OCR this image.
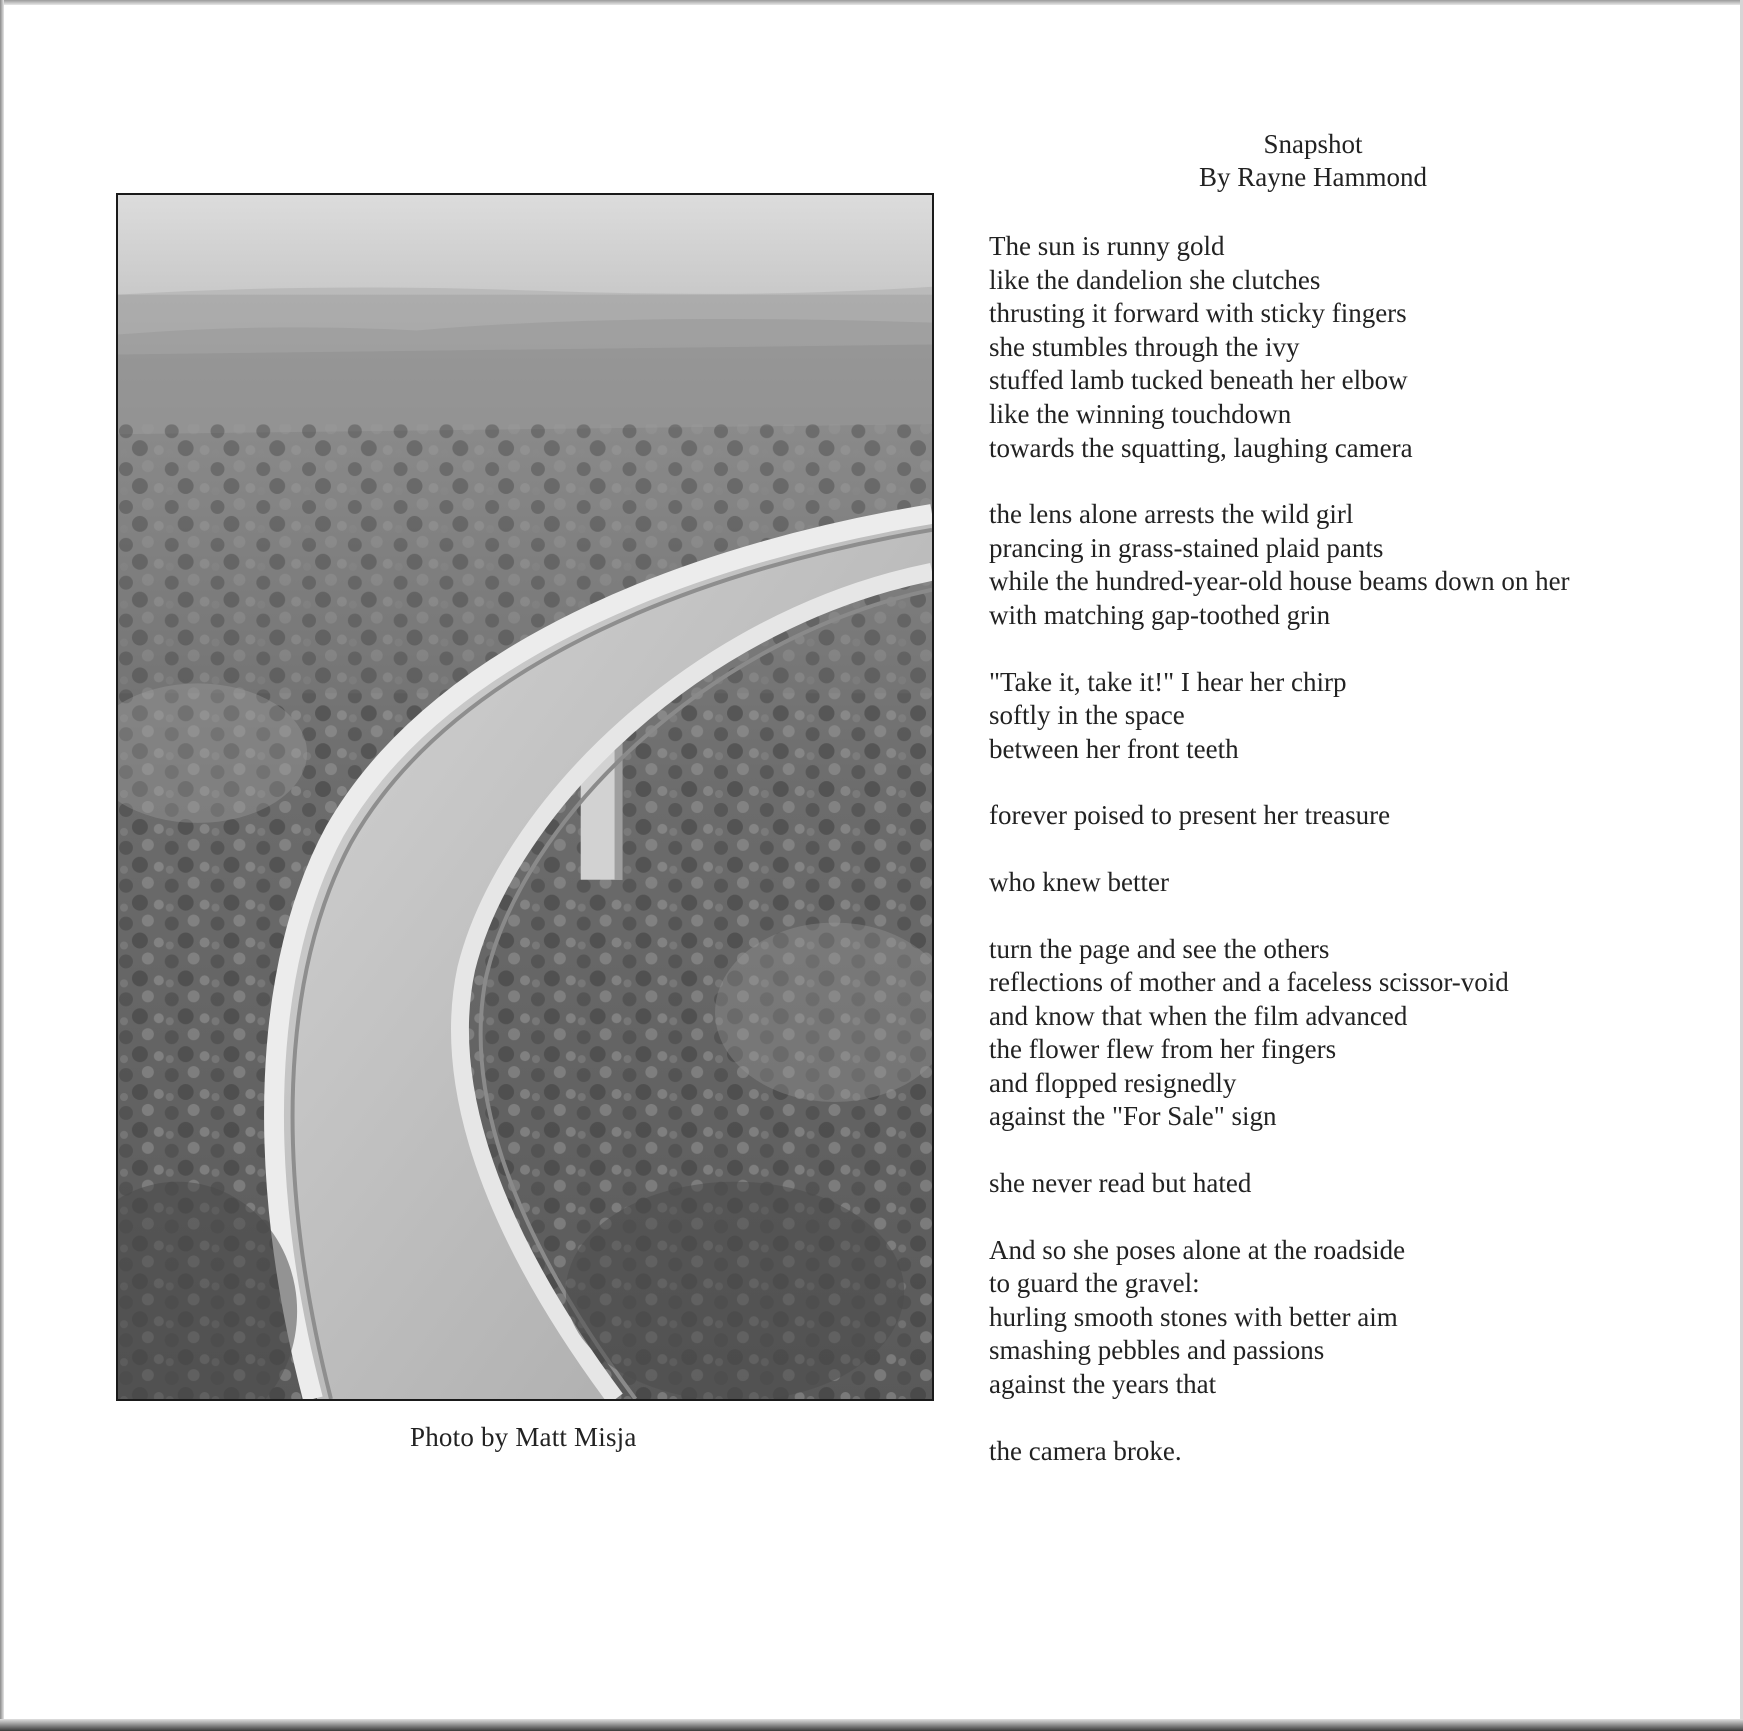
Photo by Matt Misja
Snapshot
By Rayne Hammond
The sun is runny gold
like the dandelion she clutches
thrusting it forward with sticky fingers
she stumbles through the ivy
stuffed lamb tucked beneath her elbow
like the winning touchdown
towards the squatting, laughing camera
the lens alone arrests the wild girl
prancing in grass-stained plaid pants
while the hundred-year-old house beams down on her
with matching gap-toothed grin
"Take it, take it!" I hear her chirp
softly in the space
between her front teeth
forever poised to present her treasure
who knew better
turn the page and see the others
reflections of mother and a faceless scissor-void
and know that when the film advanced
the flower flew from her fingers
and flopped resignedly
against the "For Sale" sign
she never read but hated
And so she poses alone at the roadside
to guard the gravel:
hurling smooth stones with better aim
smashing pebbles and passions
against the years that
the camera broke.
